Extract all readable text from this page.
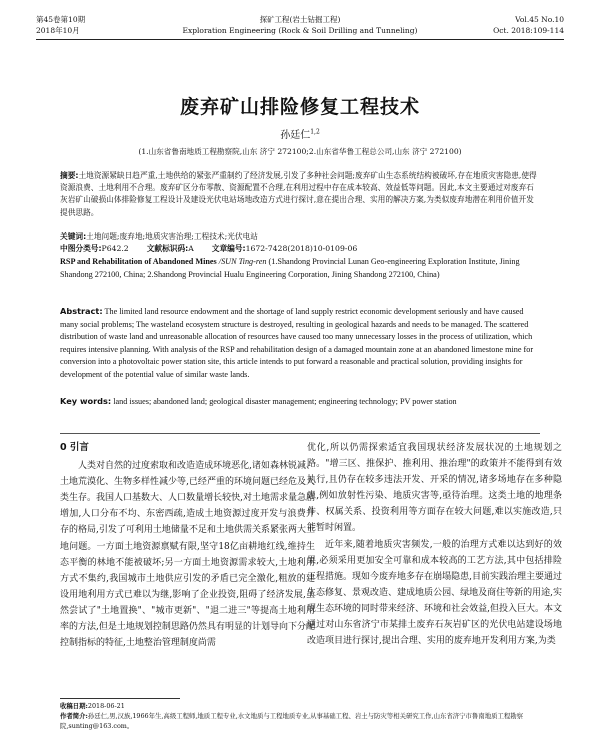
第45卷第10期	探矿工程(岩土钻掘工程)	Vol.45 No.10
2018年10月	Exploration Engineering (Rock & Soil Drilling and Tunneling)	Oct. 2018:109-114
废弃矿山排险修复工程技术
孙廷仁$^{1,2}$
(1.山东省鲁南地质工程勘察院,山东 济宁 272100;2.山东省华鲁工程总公司,山东 济宁 272100)
摘要:土地资源紧缺日趋严重,土地供给的紧张严重制约了经济发展,引发了多种社会问题;废弃矿山生态系统结构被破坏,存在地质灾害隐患,使得资源浪费、土地利用不合理。废弃矿区分布零散、资源配置不合理,在利用过程中存在成本较高、效益低等问题。因此,本文主要通过对废弃石灰岩矿山破损山体排险修复工程设计及建设光伏电站场地改造方式进行探讨,意在提出合理、实用的解决方案,为类似废弃地潜在利用价值开发提供思路。
关键词:土地问题;废弃地;地质灾害治理;工程技术;光伏电站
中图分类号:P642.2 文献标识码:A 文章编号:1672-7428(2018)10-0109-06
RSP and Rehabilitation of Abandoned Mines /SUN Ting-ren (1.Shandong Provincial Lunan Geo-engineering Exploration Institute, Jining Shandong 272100, China; 2.Shandong Provincial Hualu Engineering Corporation, Jining Shandong 272100, China)
Abstract: The limited land resource endowment and the shortage of land supply restrict economic development seriously and have caused many social problems; The wasteland ecosystem structure is destroyed, resulting in geological hazards and needs to be managed. The scattered distribution of waste land and unreasonable allocation of resources have caused too many unnecessary losses in the process of utilization, which requires intensive planning. With analysis of the RSP and rehabilitation design of a damaged mountain zone at an abandoned limestone mine for conversion into a photovoltaic power station site, this article intends to put forward a reasonable and practical solution, providing insights for development of the potential value of similar waste lands.
Key words: land issues; abandoned land; geological disaster management; engineering technology; PV power station
0 引言

人类对自然的过度索取和改造造成环境恶化,诸如森林锐减、土地荒漠化、生物多样性减少等,已经严重的环境问题已经危及人类生存。我国人口基数大、人口数量增长较快,对土地需求量急剧增加,人口分布不均、东密西疏,造成土地资源过度开发与浪费并存的格局,引发了可利用土地储量不足和土地供需关系紧张两大土地问题。一方面土地资源禀赋有限,坚守18亿亩耕地红线,维持生态平衡的林地不能被破坏;另一方面土地资源需求较大,土地利用方式不集约,我国城市土地供应引发的矛盾已完全激化,粗放的建设用地利用方式已难以为继,影响了企业投资,阻碍了经济发展,虽然尝试了"土地置换"、"城市更新"、"退二进三"等提高土地利用率的方法,但是土地规划控制思路仍然具有明显的计划导向下分配控制指标的特征,土地整治管理制度尚需

优化,所以仍需探索适宜我国现状经济发展状况的土地规划之路。"增三区、推保护、推利用、推治理"的政策并不能得到有效执行,且仍存在较多违法开发、开采的情况,诸多场地存在多种隐患,例如放射性污染、地质灾害等,亟待治理。这类土地的地理条件、权属关系、投资利用等方面存在较大问题,难以实施改造,只能暂时闲置。

近年来,随着地质灾害频发,一般的治理方式难以达到好的效果,必须采用更加安全可靠和成本较高的工艺方法,其中包括排险工程措施。现如今废弃地多存在崩塌隐患,目前实践治理主要通过生态修复、景观改造、建成地质公园、绿地及商住等新的用途,实现生态环境的同时带来经济、环境和社会效益,但投入巨大。本文通过对山东省济宁市某排土废弃石灰岩矿区的光伏电站建设场地改造项目进行探讨,提出合理、实用的废弃地开发利用方案,为类

收稿日期:2018-06-21
作者简介:孙廷仁,男,汉族,1966年生,高级工程师,地质工程专业,水文地质与工程地质专业,从事基础工程、岩土与防灾等相关研究工作,山东省济宁市鲁南地质工程勘察院,sunting@163.com。
